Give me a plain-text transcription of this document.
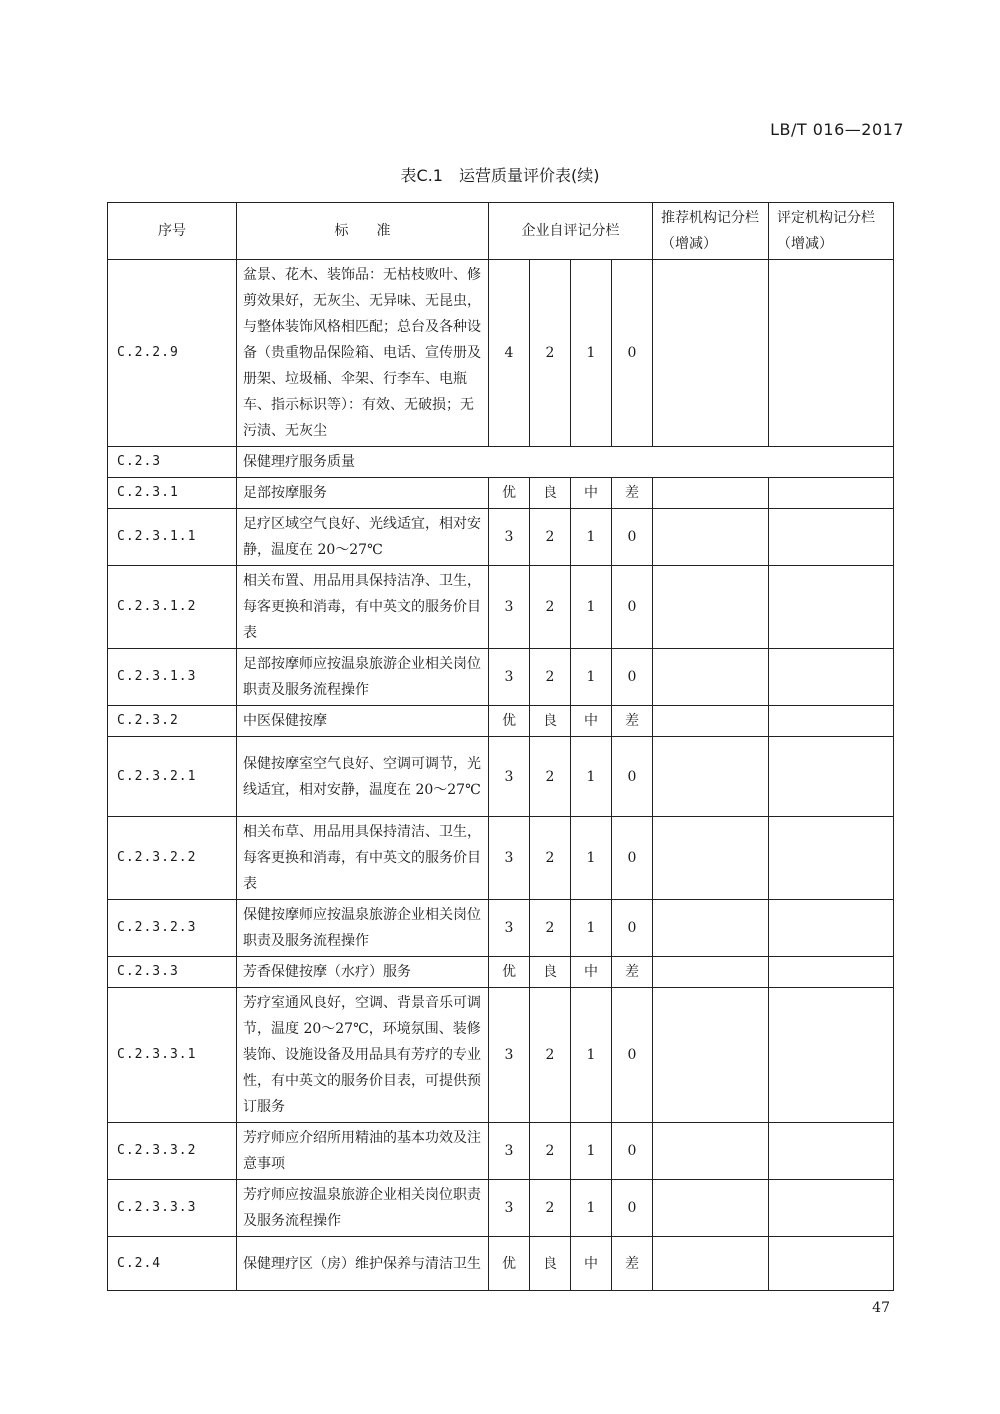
LB/T 016—2017
表C.1　运营质量评价表(续)
序号	标　　准	企业自评记分栏				推荐机构记分栏（增减）	评定机构记分栏（增减）
C.2.2.9	盆景、花木、装饰品：无枯枝败叶、修剪效果好，无灰尘、无异味、无昆虫，与整体装饰风格相匹配；总台及各种设备（贵重物品保险箱、电话、宣传册及册架、垃圾桶、伞架、行李车、电瓶车、指示标识等）：有效、无破损；无污渍、无灰尘	4	2	1	0		
C.2.3	保健理疗服务质量						
C.2.3.1	足部按摩服务	优	良	中	差		
C.2.3.1.1	足疗区域空气良好、光线适宜，相对安静，温度在 20～27℃	3	2	1	0		
C.2.3.1.2	相关布置、用品用具保持洁净、卫生，每客更换和消毒，有中英文的服务价目表	3	2	1	0		
C.2.3.1.3	足部按摩师应按温泉旅游企业相关岗位职责及服务流程操作	3	2	1	0		
C.2.3.2	中医保健按摩	优	良	中	差		
C.2.3.2.1	保健按摩室空气良好、空调可调节，光线适宜，相对安静，温度在 20～27℃	3	2	1	0		
C.2.3.2.2	相关布草、用品用具保持清洁、卫生，每客更换和消毒，有中英文的服务价目表	3	2	1	0		
C.2.3.2.3	保健按摩师应按温泉旅游企业相关岗位职责及服务流程操作	3	2	1	0		
C.2.3.3	芳香保健按摩（水疗）服务	优	良	中	差		
C.2.3.3.1	芳疗室通风良好，空调、背景音乐可调节，温度 20～27℃，环境氛围、装修装饰、设施设备及用品具有芳疗的专业性，有中英文的服务价目表，可提供预订服务	3	2	1	0		
C.2.3.3.2	芳疗师应介绍所用精油的基本功效及注意事项	3	2	1	0		
C.2.3.3.3	芳疗师应按温泉旅游企业相关岗位职责及服务流程操作	3	2	1	0		
C.2.4	保健理疗区（房）维护保养与清洁卫生	优	良	中	差		
47
